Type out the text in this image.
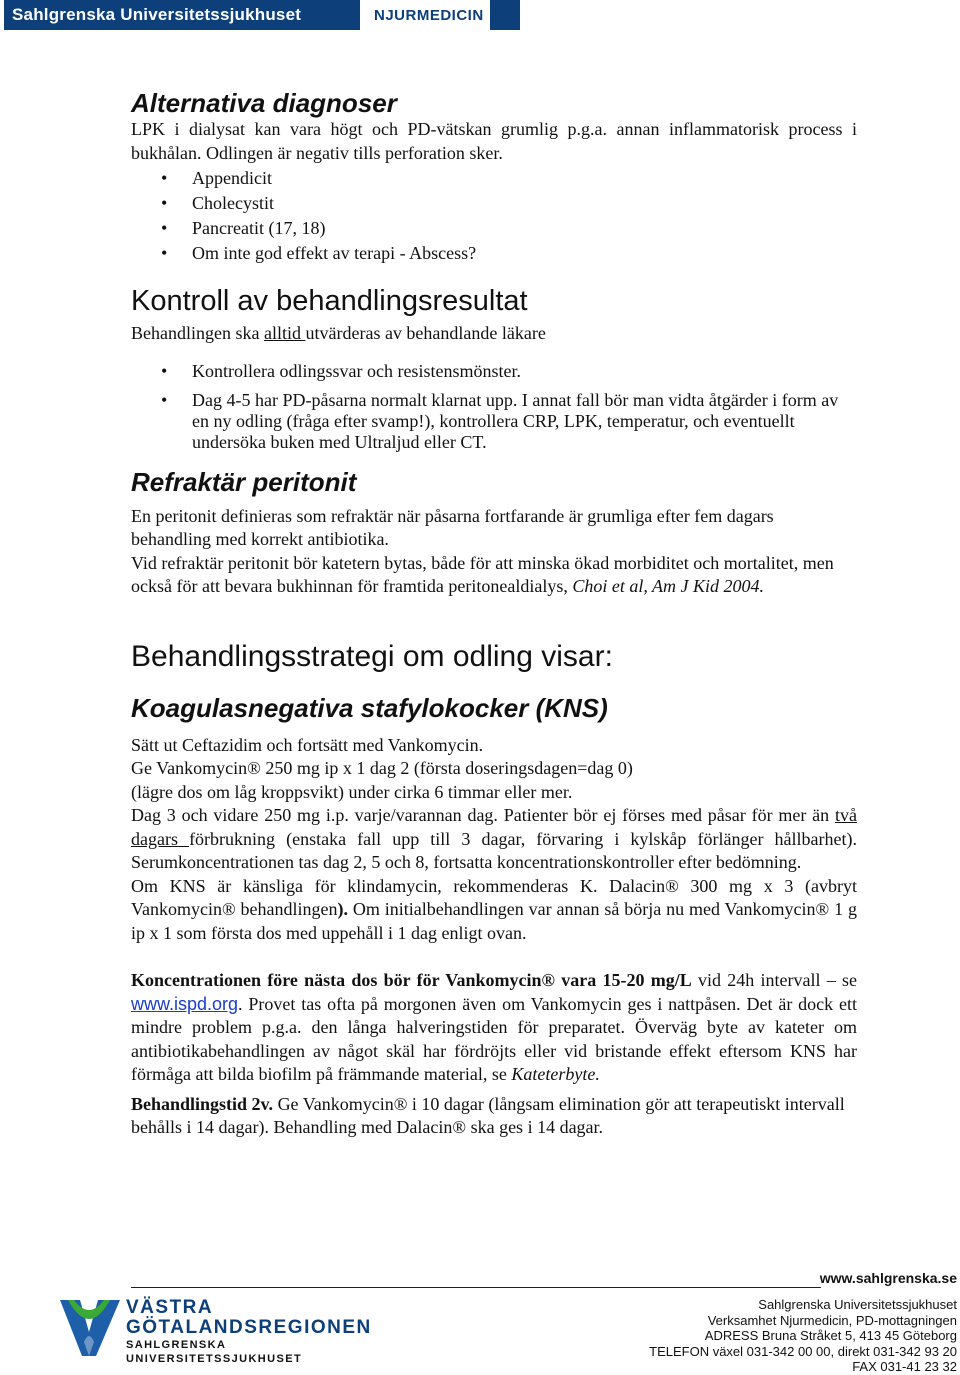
Sahlgrenska Universitetssjukhuset	NJURMEDICIN
Alternativa diagnoser

LPK i dialysat kan vara högt och PD-vätskan grumlig p.g.a. annan inflammatorisk process i bukhålan. Odlingen är negativ tills perforation sker.

• Appendicit
• Cholecystit
• Pancreatit (17, 18)
• Om inte god effekt av terapi - Abscess?
Kontroll av behandlingsresultat

Behandlingen ska alltid utvärderas av behandlande läkare

• Kontrollera odlingssvar och resistensmönster.
• Dag 4-5 har PD-påsarna normalt klarnat upp. I annat fall bör man vidta åtgärder i form av en ny odling (fråga efter svamp!), kontrollera CRP, LPK, temperatur, och eventuellt undersöka buken med Ultraljud eller CT.
Refraktär peritonit

En peritonit definieras som refraktär när påsarna fortfarande är grumliga efter fem dagars behandling med korrekt antibiotika.

Vid refraktär peritonit bör katetern bytas, både för att minska ökad morbiditet och mortalitet, men också för att bevara bukhinnan för framtida peritonealdialys, Choi et al, Am J Kid 2004.

Behandlingsstrategi om odling visar:
Koagulasnegativa stafylokocker (KNS)

Sätt ut Ceftazidim och fortsätt med Vankomycin.

Ge Vankomycin® 250 mg ip x 1 dag 2 (första doseringsdagen=dag 0)

(lägre dos om låg kroppsvikt) under cirka 6 timmar eller mer.

Dag 3 och vidare 250 mg i.p. varje/varannan dag. Patienter bör ej förses med påsar för mer än två dagars förbrukning (enstaka fall upp till 3 dagar, förvaring i kylskåp förlänger hållbarhet). Serumkoncentrationen tas dag 2, 5 och 8, fortsatta koncentrationskontroller efter bedömning.

Om KNS är känsliga för klindamycin, rekommenderas K. Dalacin® 300 mg x 3 (avbryt Vankomycin® behandlingen). Om initialbehandlingen var annan så börja nu med Vankomycin® 1 g ip x 1 som första dos med uppehåll i 1 dag enligt ovan.

Koncentrationen före nästa dos bör för Vankomycin® vara 15-20 mg/L vid 24h intervall – se www.ispd.org. Provet tas ofta på morgonen även om Vankomycin ges i nattpåsen. Det är dock ett mindre problem p.g.a. den långa halveringstiden för preparatet. Överväg byte av kateter om antibiotikabehandlingen av något skäl har fördröjts eller vid bristande effekt eftersom KNS har förmåga att bilda biofilm på främmande material, se Kateterbyte.

Behandlingstid 2v. Ge Vankomycin® i 10 dagar (långsam elimination gör att terapeutiskt intervall behålls i 14 dagar). Behandling med Dalacin® ska ges i 14 dagar.

www.sahlgrenska.se
Sahlgrenska Universitetssjukhuset
Verksamhet Njurmedicin, PD-mottagningen
ADRESS Bruna Stråket 5, 413 45 Göteborg
TELEFON växel 031-342 00 00, direkt 031-342 93 20
FAX 031-41 23 32
VÄSTRA
GÖTALANDSREGIONEN
SAHLGRENSKA UNIVERSITETSSJUKHUSET
